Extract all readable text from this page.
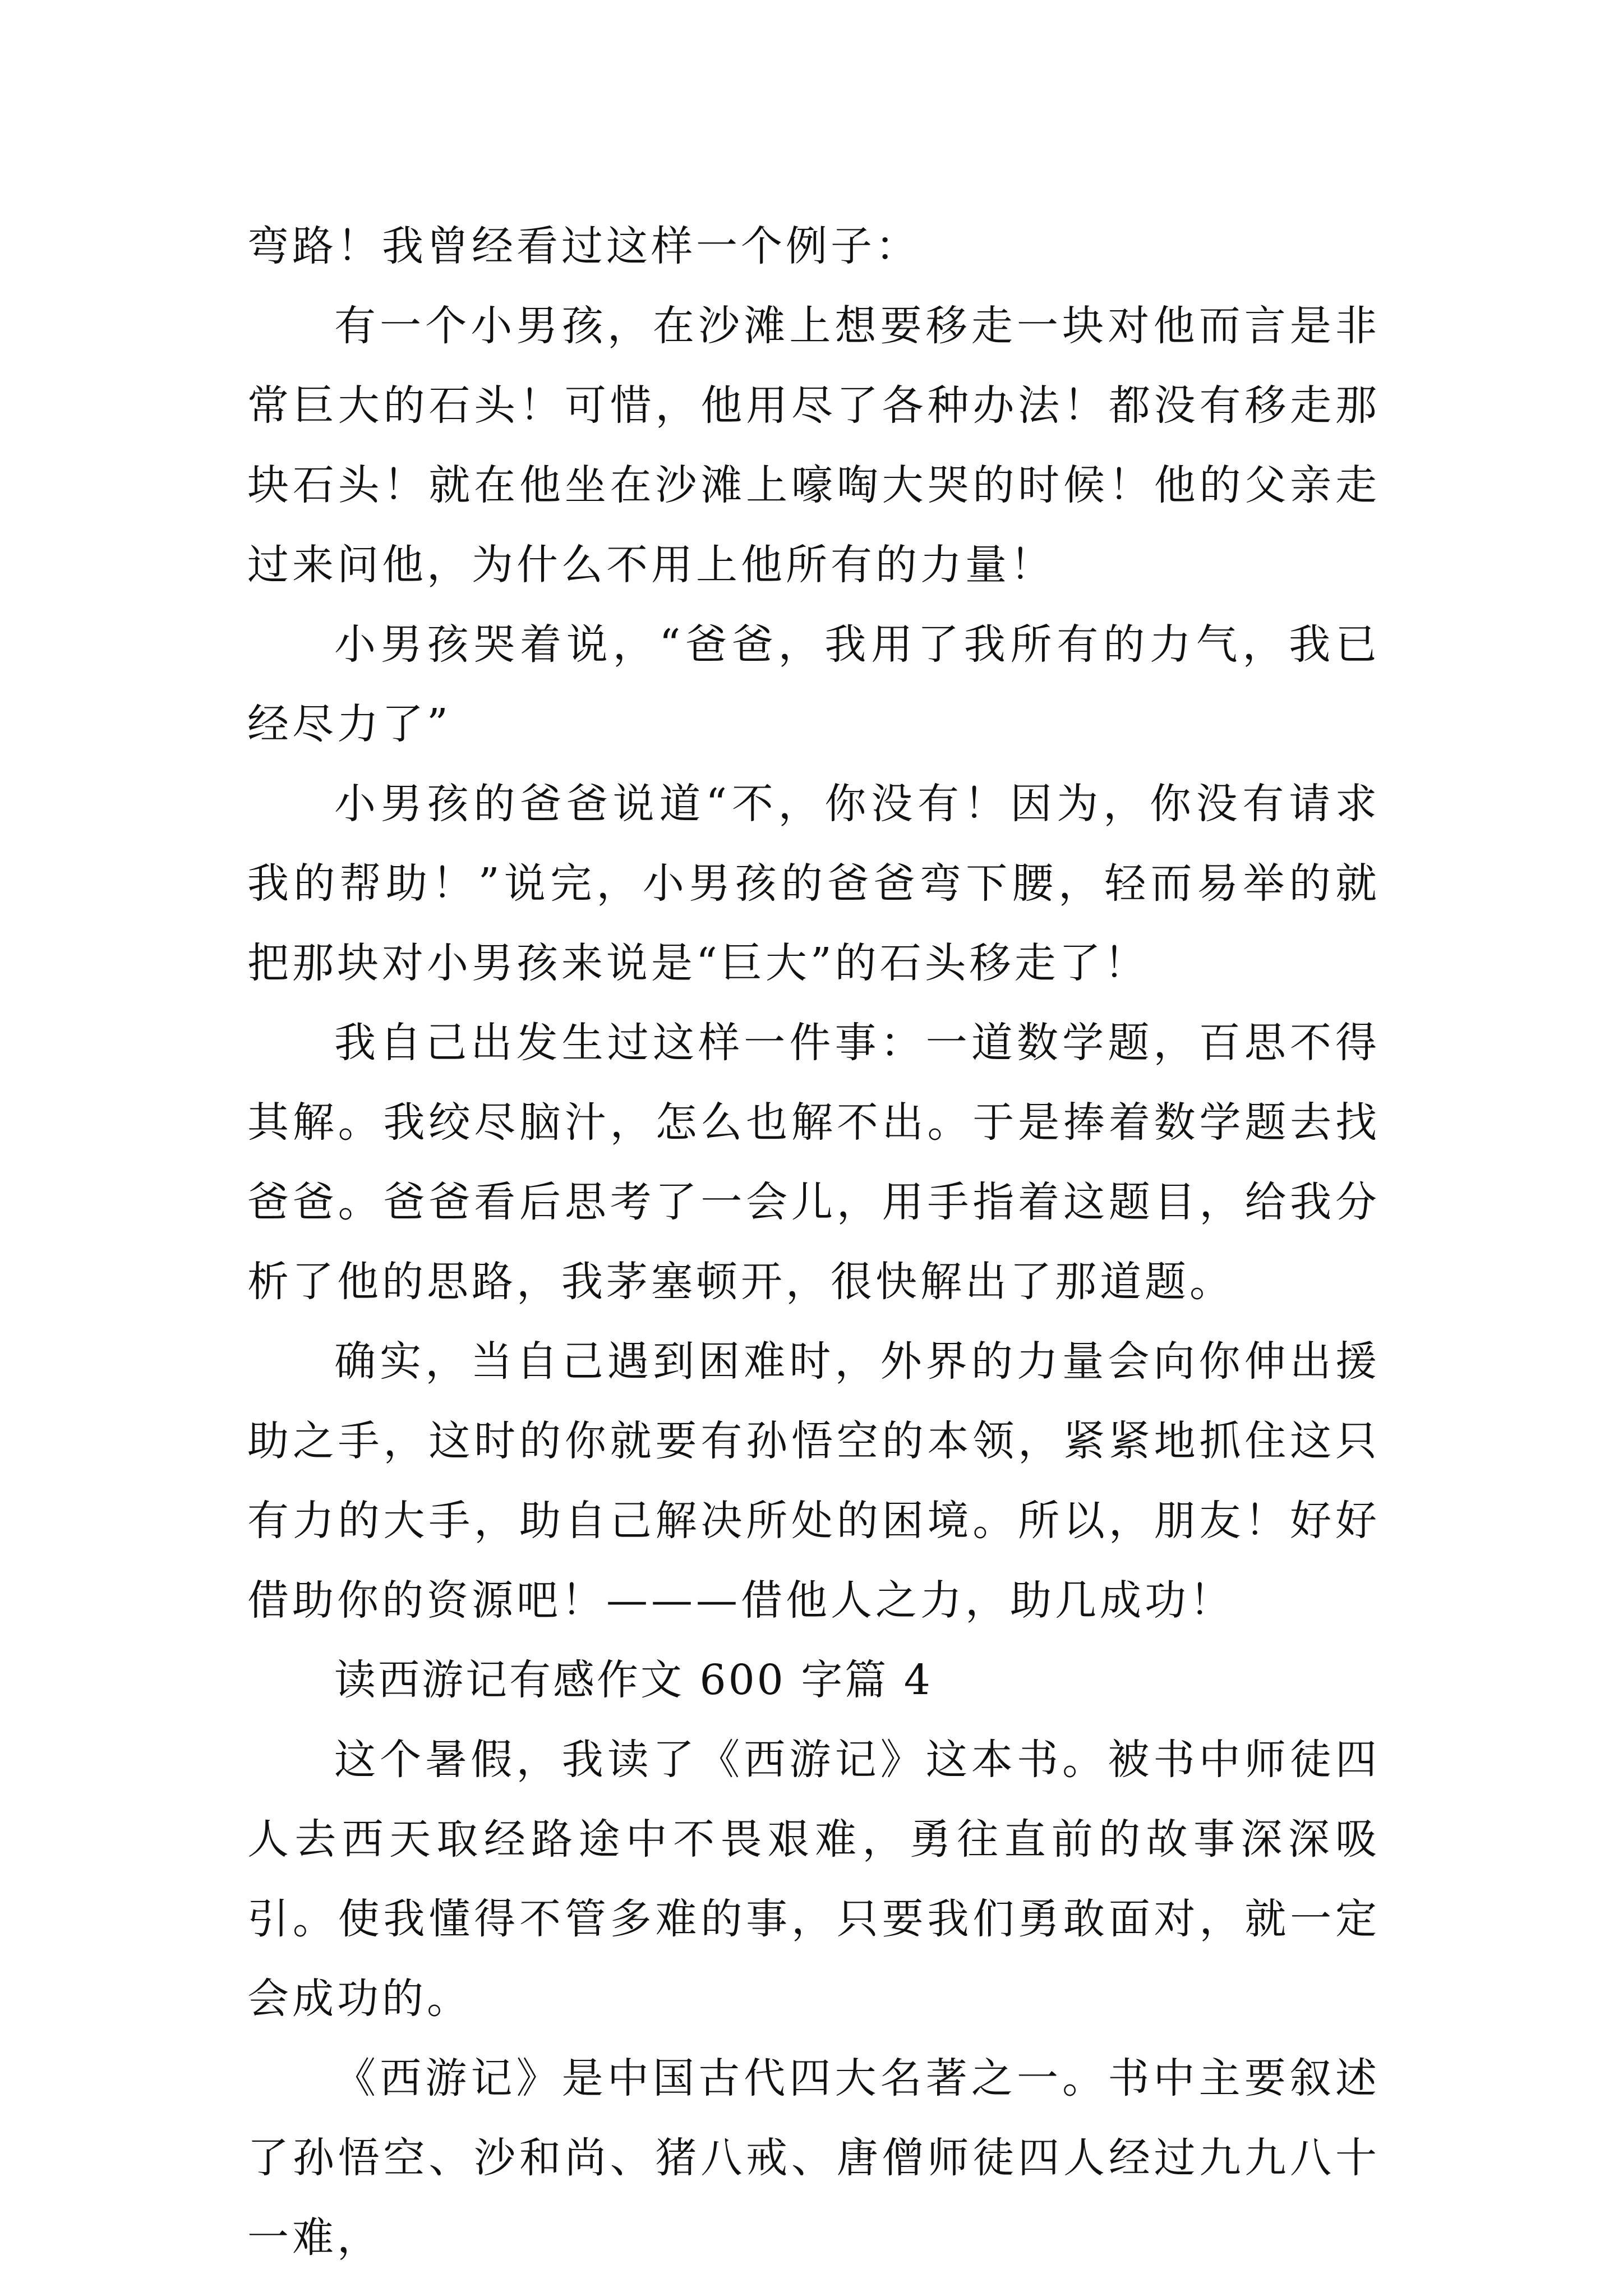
弯路！我曾经看过这样一个例子：

有一个小男孩，在沙滩上想要移走一块对他而言是非常巨大的石头！可惜，他用尽了各种办法！都没有移走那块石头！就在他坐在沙滩上嚎啕大哭的时候！他的父亲走过来问他，为什么不用上他所有的力量！

小男孩哭着说，“爸爸，我用了我所有的力气，我已经尽力了”

小男孩的爸爸说道“不，你没有！因为，你没有请求我的帮助！”说完，小男孩的爸爸弯下腰，轻而易举的就把那块对小男孩来说是“巨大”的石头移走了！

我自己出发生过这样一件事：一道数学题，百思不得其解。我绞尽脑汁，怎么也解不出。于是捧着数学题去找爸爸。爸爸看后思考了一会儿，用手指着这题目，给我分析了他的思路，我茅塞顿开，很快解出了那道题。

确实，当自己遇到困难时，外界的力量会向你伸出援助之手，这时的你就要有孙悟空的本领，紧紧地抓住这只有力的大手，助自己解决所处的困境。所以，朋友！好好借助你的资源吧！———借他人之力，助几成功！

读西游记有感作文 600 字篇 4

这个暑假，我读了《西游记》这本书。被书中师徒四人去西天取经路途中不畏艰难，勇往直前的故事深深吸引。使我懂得不管多难的事，只要我们勇敢面对，就一定会成功的。

《西游记》是中国古代四大名著之一。书中主要叙述了孙悟空、沙和尚、猪八戒、唐僧师徒四人经过九九八十一难，
